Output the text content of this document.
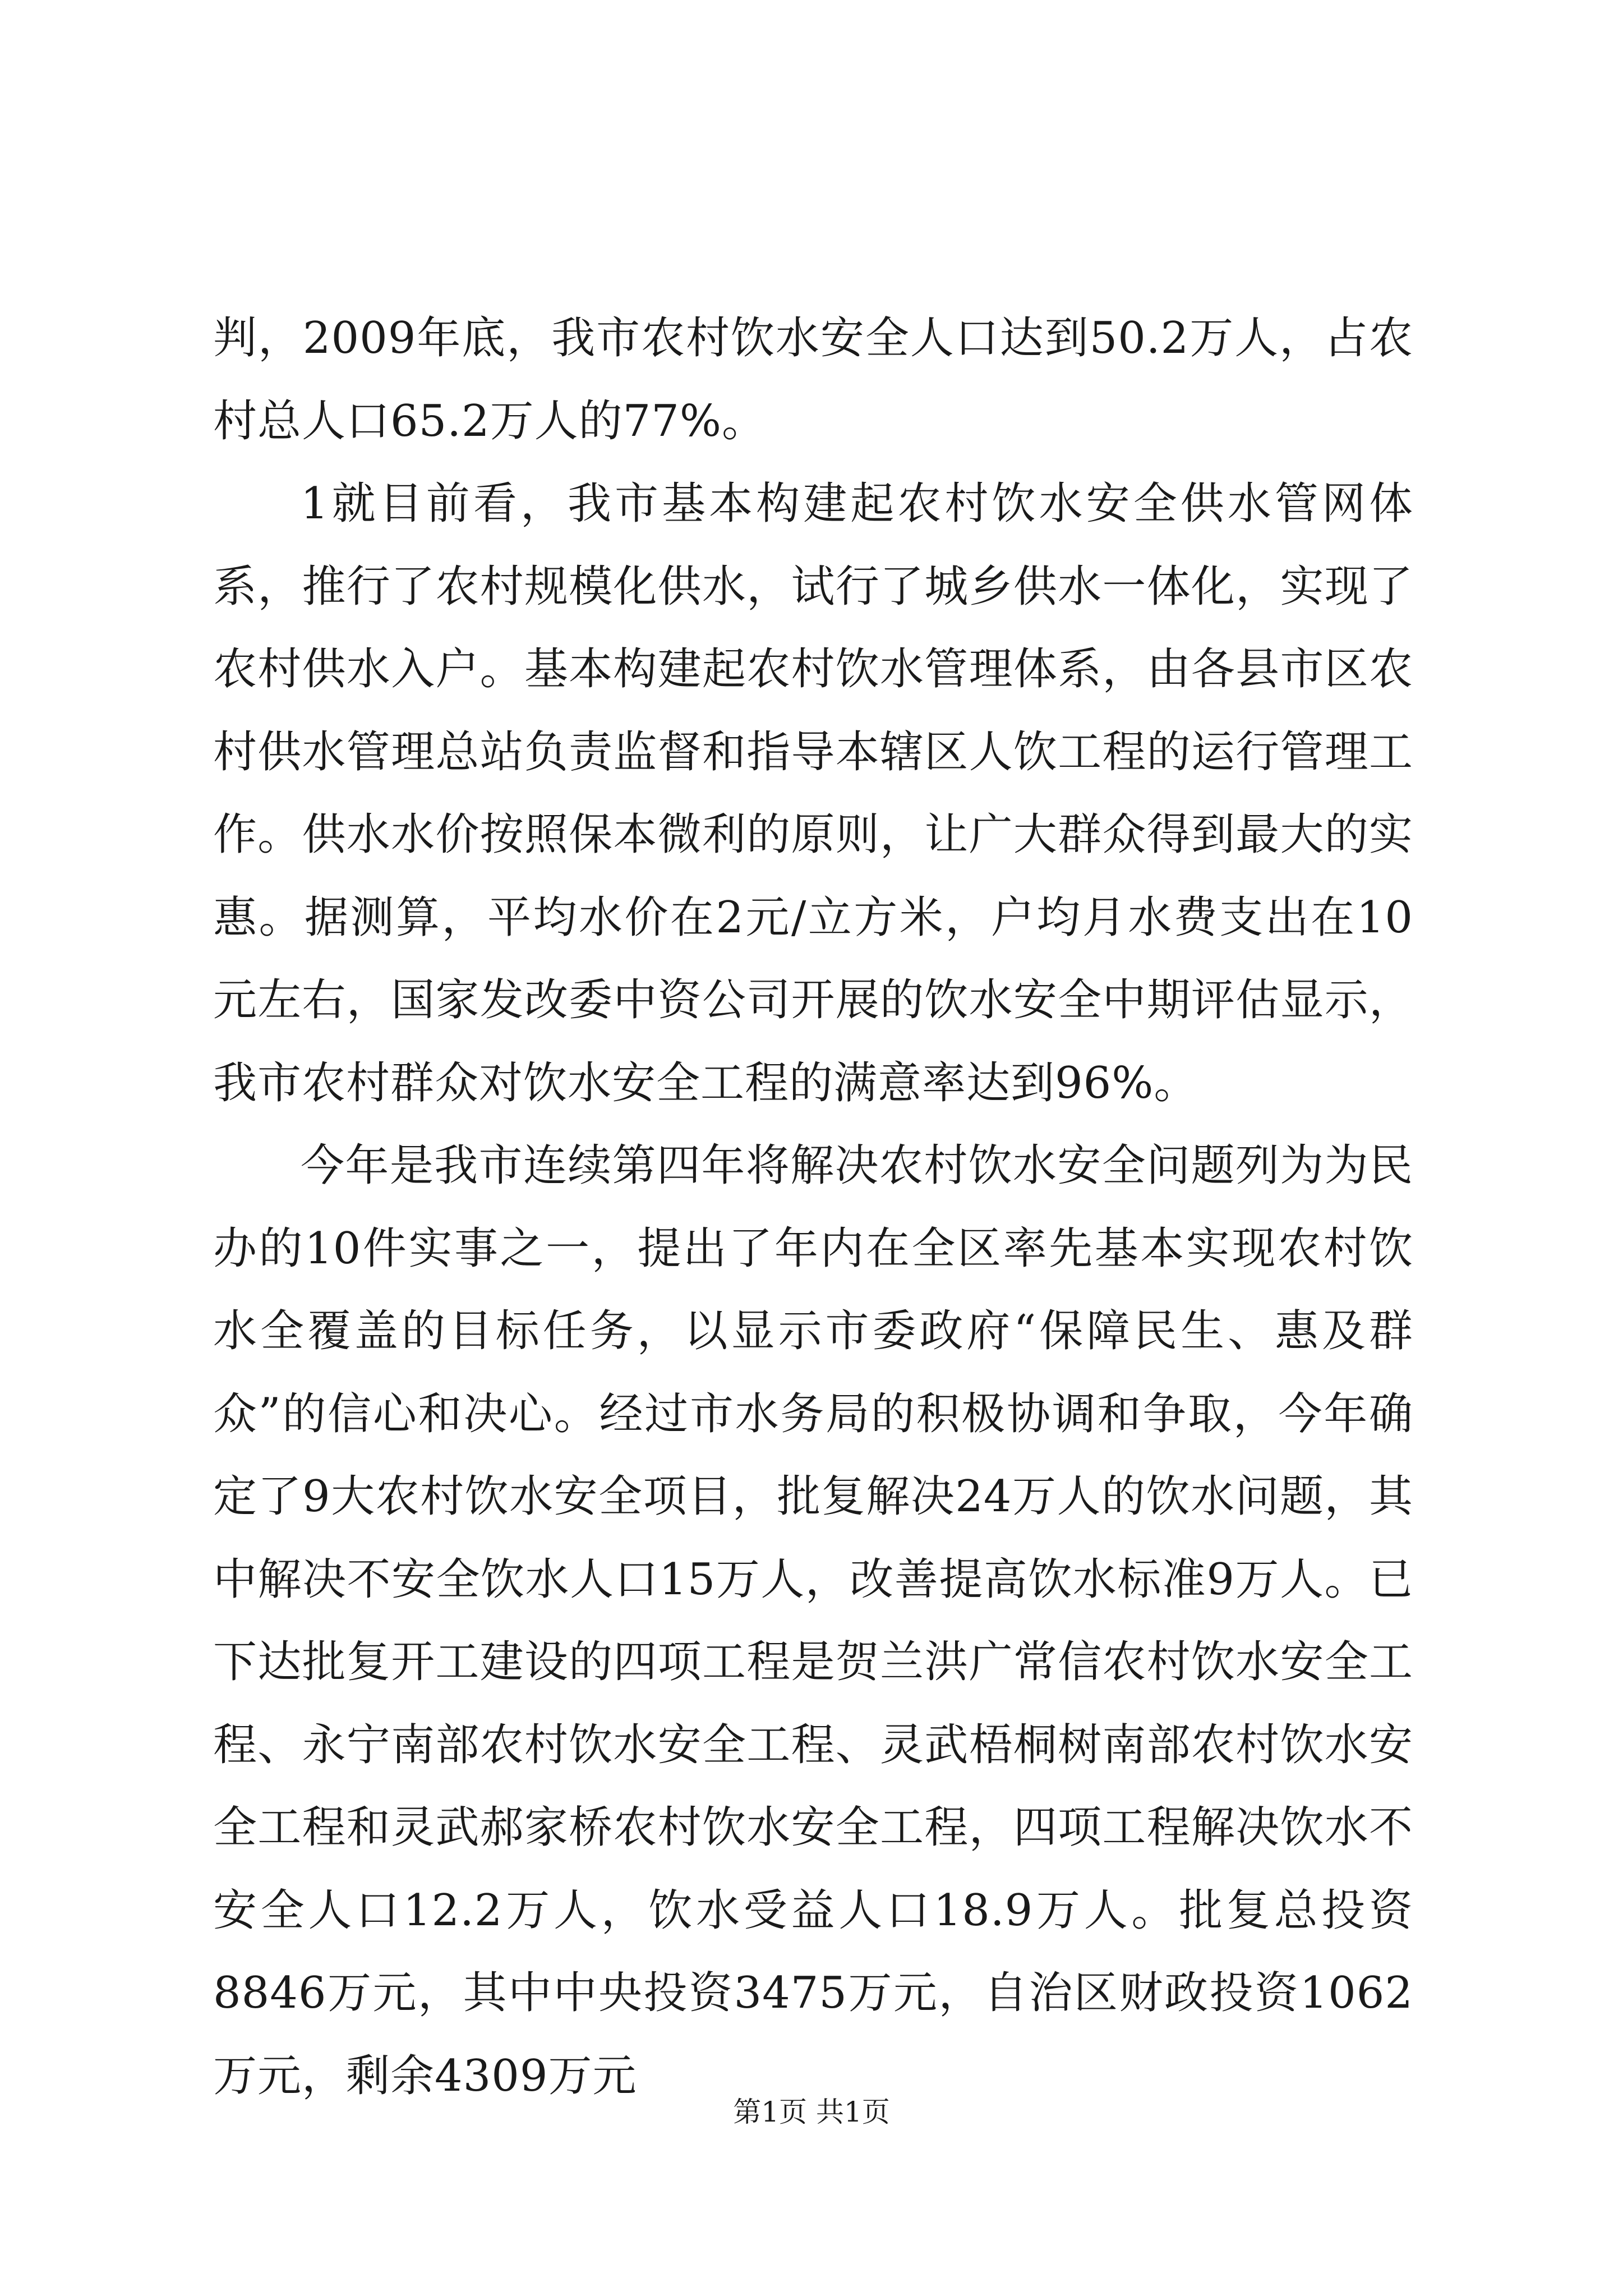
判，2009年底，我市农村饮水安全人口达到50.2万人，占农村总人口65.2万人的77%。

1就目前看，我市基本构建起农村饮水安全供水管网体系，推行了农村规模化供水，试行了城乡供水一体化，实现了农村供水入户。基本构建起农村饮水管理体系，由各县市区农村供水管理总站负责监督和指导本辖区人饮工程的运行管理工作。供水水价按照保本微利的原则，让广大群众得到最大的实惠。据测算，平均水价在2元/立方米，户均月水费支出在10元左右，国家发改委中资公司开展的饮水安全中期评估显示，我市农村群众对饮水安全工程的满意率达到96%。

今年是我市连续第四年将解决农村饮水安全问题列为为民办的10件实事之一，提出了年内在全区率先基本实现农村饮水全覆盖的目标任务，以显示市委政府“保障民生、惠及群众”的信心和决心。经过市水务局的积极协调和争取，今年确定了9大农村饮水安全项目，批复解决24万人的饮水问题，其中解决不安全饮水人口15万人，改善提高饮水标准9万人。已下达批复开工建设的四项工程是贺兰洪广常信农村饮水安全工程、永宁南部农村饮水安全工程、灵武梧桐树南部农村饮水安全工程和灵武郝家桥农村饮水安全工程，四项工程解决饮水不安全人口12.2万人，饮水受益人口18.9万人。批复总投资8846万元，其中中央投资3475万元，自治区财政投资1062万元，剩余4309万元

第1页 共1页
